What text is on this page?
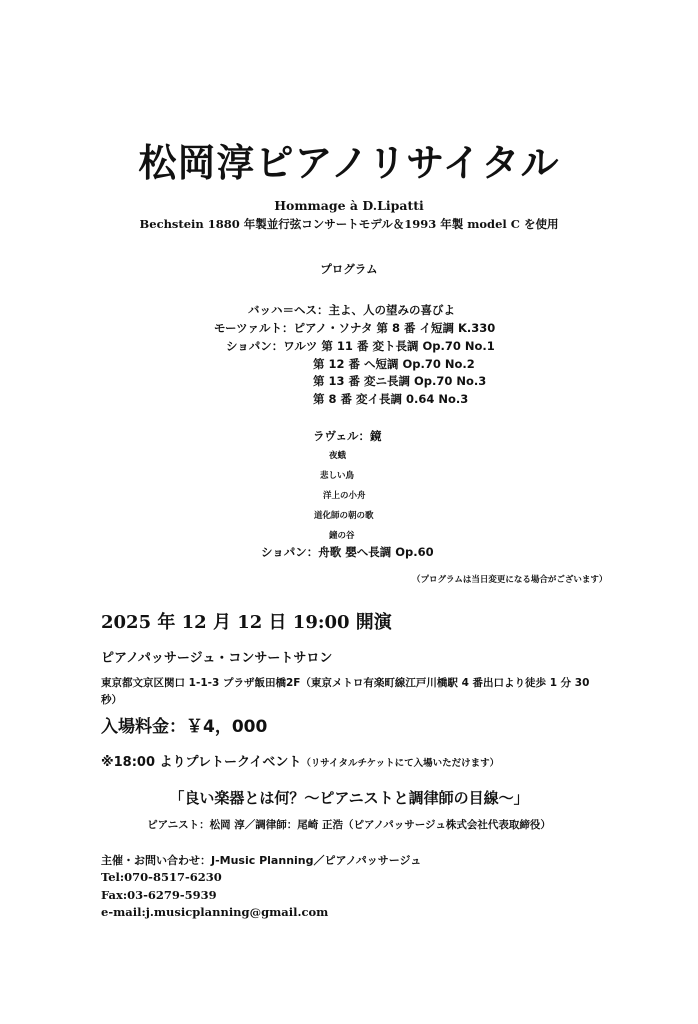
松岡淳ピアノリサイタル
Hommage à D.Lipatti
Bechstein 1880 年製並行弦コンサートモデル＆1993 年製 model C を使用
プログラム
バッハ＝ヘス：主よ、人の望みの喜びよ
モーツァルト：ピアノ・ソナタ 第 8 番 イ短調 K.330
ショパン：ワルツ 第 11 番 変ト長調 Op.70 No.1
第 12 番 へ短調 Op.70 No.2
第 13 番 変ニ長調 Op.70 No.3
第 8 番 変イ長調 0.64 No.3
ラヴェル：鏡
夜蛾
悲しい鳥
洋上の小舟
道化師の朝の歌
鐘の谷
ショパン：舟歌 嬰へ長調 Op.60
（プログラムは当日変更になる場合がございます）
2025 年 12 月 12 日 19:00 開演
ピアノパッサージュ・コンサートサロン
東京都文京区関口 1-1-3 プラザ飯田橋2F（東京メトロ有楽町線江戸川橋駅 4 番出口より徒歩 1 分 30 秒）
入場料金：￥4，000
※18:00 よりプレトークイベント（リサイタルチケットにて入場いただけます）
「良い楽器とは何？〜ピアニストと調律師の目線〜」
ピアニスト：松岡 淳／調律師：尾崎 正浩（ピアノパッサージュ株式会社代表取締役）
主催・お問い合わせ：J-Music Planning／ピアノパッサージュ
Tel:070-8517-6230
Fax:03-6279-5939
e-mail:j.musicplanning@gmail.com
